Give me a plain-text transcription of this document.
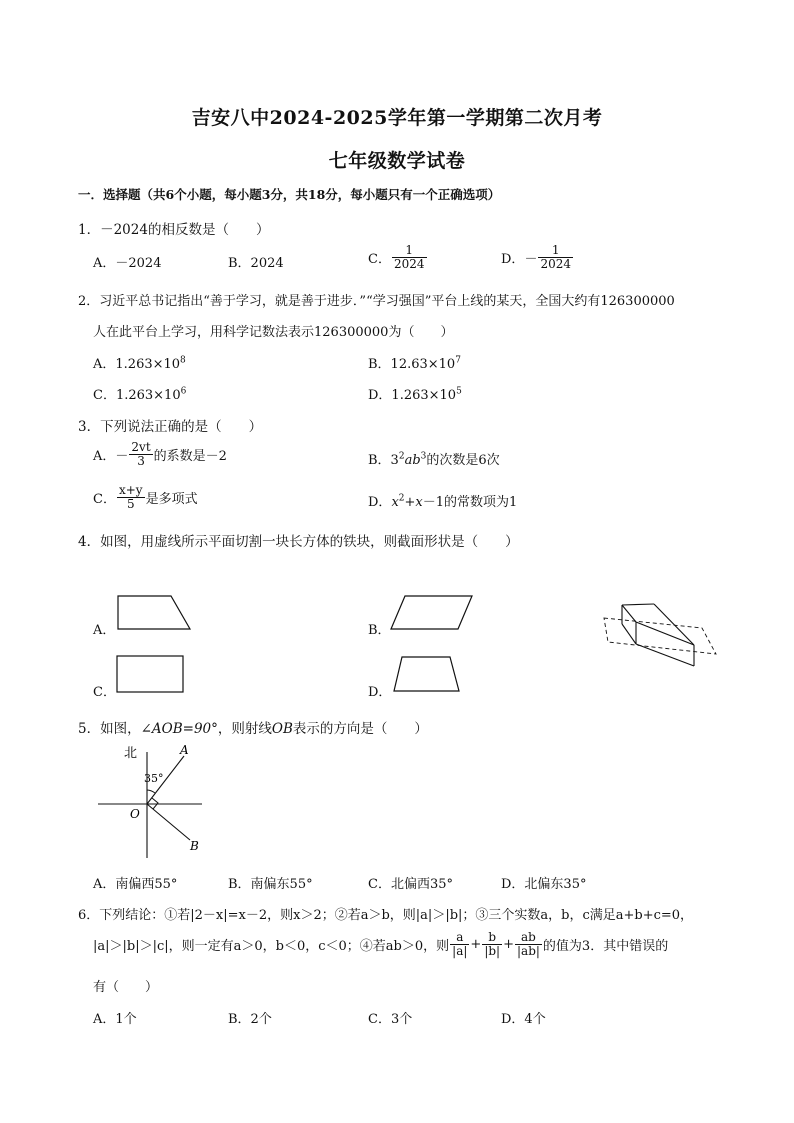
吉安八中2024-2025学年第一学期第二次月考
七年级数学试卷
一．选择题（共6个小题，每小题3分，共18分，每小题只有一个正确选项）
1．－2024的相反数是（　　）
A．－2024	B．2024	C． $\frac{1}{2024}$	D．－ $\frac{1}{2024}$
2．习近平总书记指出“善于学习，就是善于进步．”“学习强国”平台上线的某天，全国大约有126300000
人在此平台上学习，用科学记数法表示126300000为（　　）
A．$1.263\times 10^8$	B．$12.63\times 10^7$
C．$1.263\times 10^6$	D．$1.263\times 10^5$
3．下列说法正确的是（　　）
A．－ $\frac{2vt}{3}$ 的系数是－2	B．$3^2ab^3$的次数是6次
C． $\frac{x+y}{5}$ 是多项式	D．$x^2+x-1$的常数项为1
4．如图，用虚线所示平面切割一块长方体的铁块，则截面形状是（　　）
A．	B．
C．	D．
5．如图，∠AOB=90°，则射线OB表示的方向是（　　）
北	A
35°
O
B
A．南偏西55°	B．南偏东55°	C．北偏西35°	D．北偏东35°
6．下列结论：①若|2－x|=x－2，则x＞2；②若a＞b，则|a|＞|b|；③三个实数a，b，c满足a+b+c=0，
|a|＞|b|＞|c|，则一定有a＞0，b＜0，c＜0；④若ab＞0，则 $\frac{a}{|a|} + \frac{b}{|b|} + \frac{ab}{|ab|}$ 的值为3．其中错误的
有（　　）
A．1个	B．2个	C．3个	D．4个
